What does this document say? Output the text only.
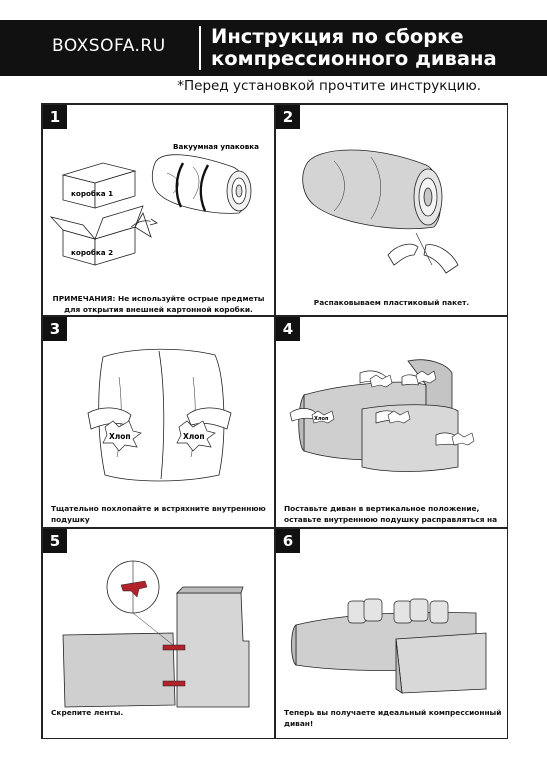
BOXSOFA.RU Инструкция по сборке
компрессионного дивана
*Перед установкой прочтите инструкцию.
1
коробка 1
коробка 2
Вакуумная упаковка
ПРИМЕЧАНИЯ: Не используйте острые предметы
для открытия внешней картонной коробки.
2
Распаковываем пластиковый пакет.
3
Хлоп	Хлоп
Тщательно похлопайте и встряхните внутреннюю подушку
4
Хлоп
Поставьте диван в вертикальное положение,
оставьте внутреннюю подушку расправляться на
5
Скрепите ленты.
6
Теперь вы получаете идеальный компрессионный диван!
